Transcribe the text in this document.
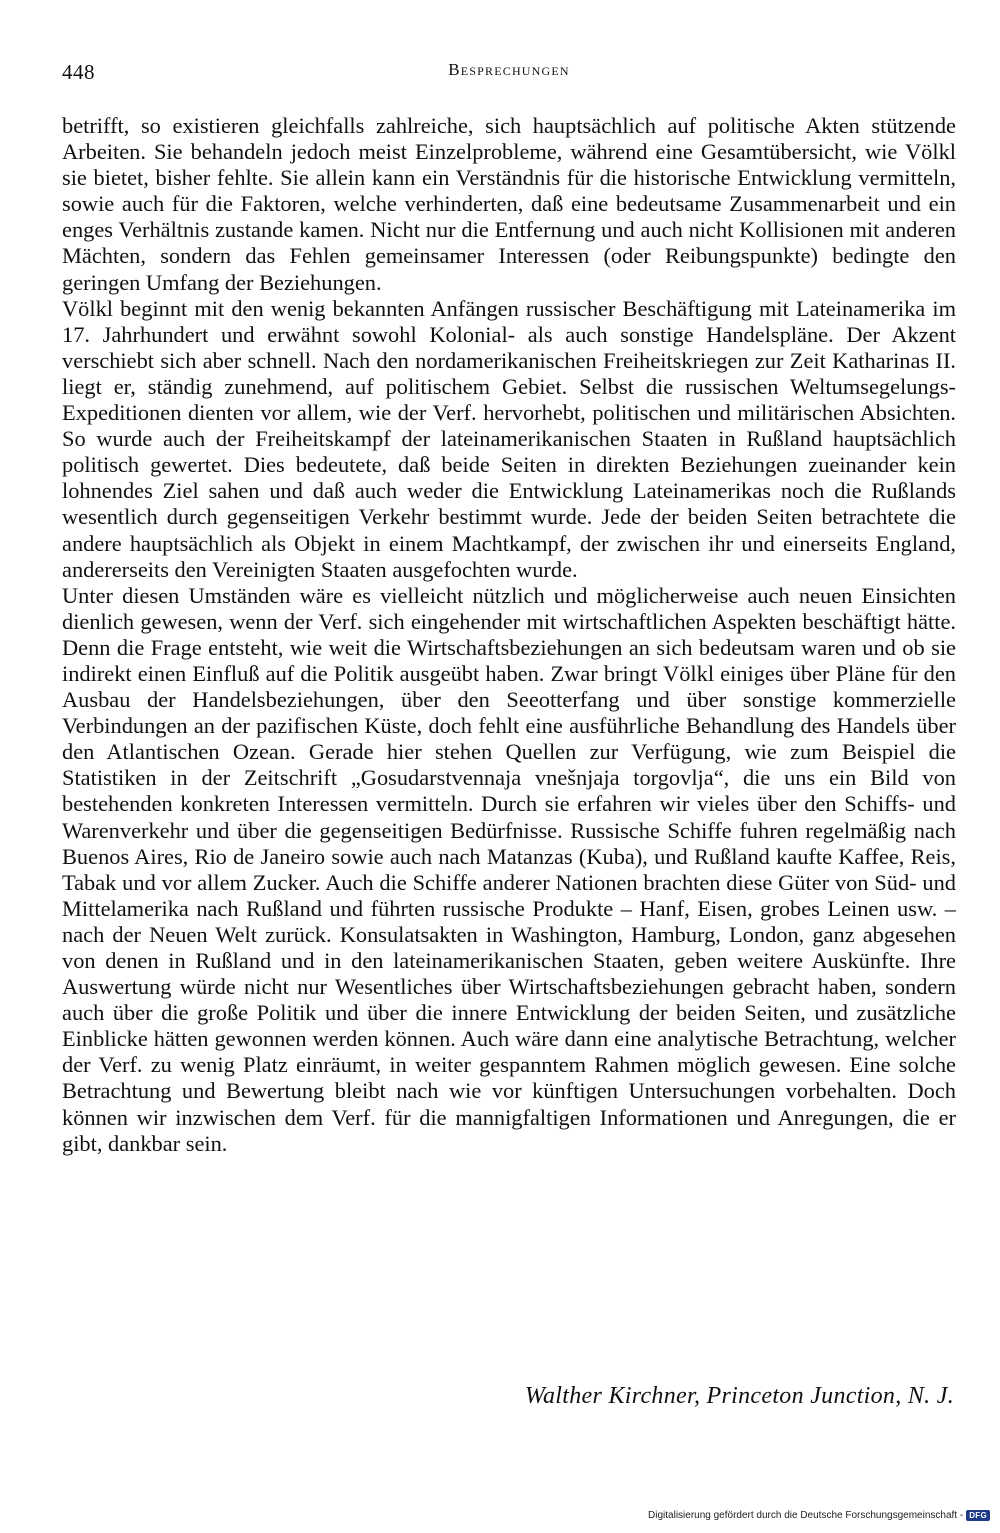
448	Besprechungen

betrifft, so existieren gleichfalls zahlreiche, sich hauptsächlich auf politische Akten stützende Arbeiten. Sie behandeln jedoch meist Einzelprobleme, während eine Gesamtübersicht, wie Völkl sie bietet, bisher fehlte. Sie allein kann ein Verständnis für die historische Entwicklung vermitteln, sowie auch für die Faktoren, welche verhinderten, daß eine bedeutsame Zusammenarbeit und ein enges Verhältnis zustande kamen. Nicht nur die Entfernung und auch nicht Kollisionen mit anderen Mächten, sondern das Fehlen gemeinsamer Interessen (oder Reibungspunkte) bedingte den geringen Umfang der Beziehungen.

Völkl beginnt mit den wenig bekannten Anfängen russischer Beschäftigung mit Lateinamerika im 17. Jahrhundert und erwähnt sowohl Kolonial- als auch sonstige Handelspläne. Der Akzent verschiebt sich aber schnell. Nach den nordamerikanischen Freiheitskriegen zur Zeit Katharinas II. liegt er, ständig zunehmend, auf politischem Gebiet. Selbst die russischen Weltumsegelungs-Expeditionen dienten vor allem, wie der Verf. hervorhebt, politischen und militärischen Absichten. So wurde auch der Freiheitskampf der lateinamerikanischen Staaten in Rußland hauptsächlich politisch gewertet. Dies bedeutete, daß beide Seiten in direkten Beziehungen zueinander kein lohnendes Ziel sahen und daß auch weder die Entwicklung Lateinamerikas noch die Rußlands wesentlich durch gegenseitigen Verkehr bestimmt wurde. Jede der beiden Seiten betrachtete die andere hauptsächlich als Objekt in einem Machtkampf, der zwischen ihr und einerseits England, andererseits den Vereinigten Staaten ausgefochten wurde.

Unter diesen Umständen wäre es vielleicht nützlich und möglicherweise auch neuen Einsichten dienlich gewesen, wenn der Verf. sich eingehender mit wirtschaftlichen Aspekten beschäftigt hätte. Denn die Frage entsteht, wie weit die Wirtschaftsbeziehungen an sich bedeutsam waren und ob sie indirekt einen Einfluß auf die Politik ausgeübt haben. Zwar bringt Völkl einiges über Pläne für den Ausbau der Handelsbeziehungen, über den Seeotterfang und über sonstige kommerzielle Verbindungen an der pazifischen Küste, doch fehlt eine ausführliche Behandlung des Handels über den Atlantischen Ozean. Gerade hier stehen Quellen zur Verfügung, wie zum Beispiel die Statistiken in der Zeitschrift „Gosudarstvennaja vnešnjaja torgovlja“, die uns ein Bild von bestehenden konkreten Interessen vermitteln. Durch sie erfahren wir vieles über den Schiffs- und Warenverkehr und über die gegenseitigen Bedürfnisse. Russische Schiffe fuhren regelmäßig nach Buenos Aires, Rio de Janeiro sowie auch nach Matanzas (Kuba), und Rußland kaufte Kaffee, Reis, Tabak und vor allem Zucker. Auch die Schiffe anderer Nationen brachten diese Güter von Süd- und Mittelamerika nach Rußland und führten russische Produkte – Hanf, Eisen, grobes Leinen usw. – nach der Neuen Welt zurück. Konsulatsakten in Washington, Hamburg, London, ganz abgesehen von denen in Rußland und in den lateinamerikanischen Staaten, geben weitere Auskünfte. Ihre Auswertung würde nicht nur Wesentliches über Wirtschaftsbeziehungen gebracht haben, sondern auch über die große Politik und über die innere Entwicklung der beiden Seiten, und zusätzliche Einblicke hätten gewonnen werden können. Auch wäre dann eine analytische Betrachtung, welcher der Verf. zu wenig Platz einräumt, in weiter gespanntem Rahmen möglich gewesen. Eine solche Betrachtung und Bewertung bleibt nach wie vor künftigen Untersuchungen vorbehalten. Doch können wir inzwischen dem Verf. für die mannigfaltigen Informationen und Anregungen, die er gibt, dankbar sein.

Walther Kirchner, Princeton Junction, N. J.
Digitalisierung gefördert durch die Deutsche Forschungsgemeinschaft - DFG
